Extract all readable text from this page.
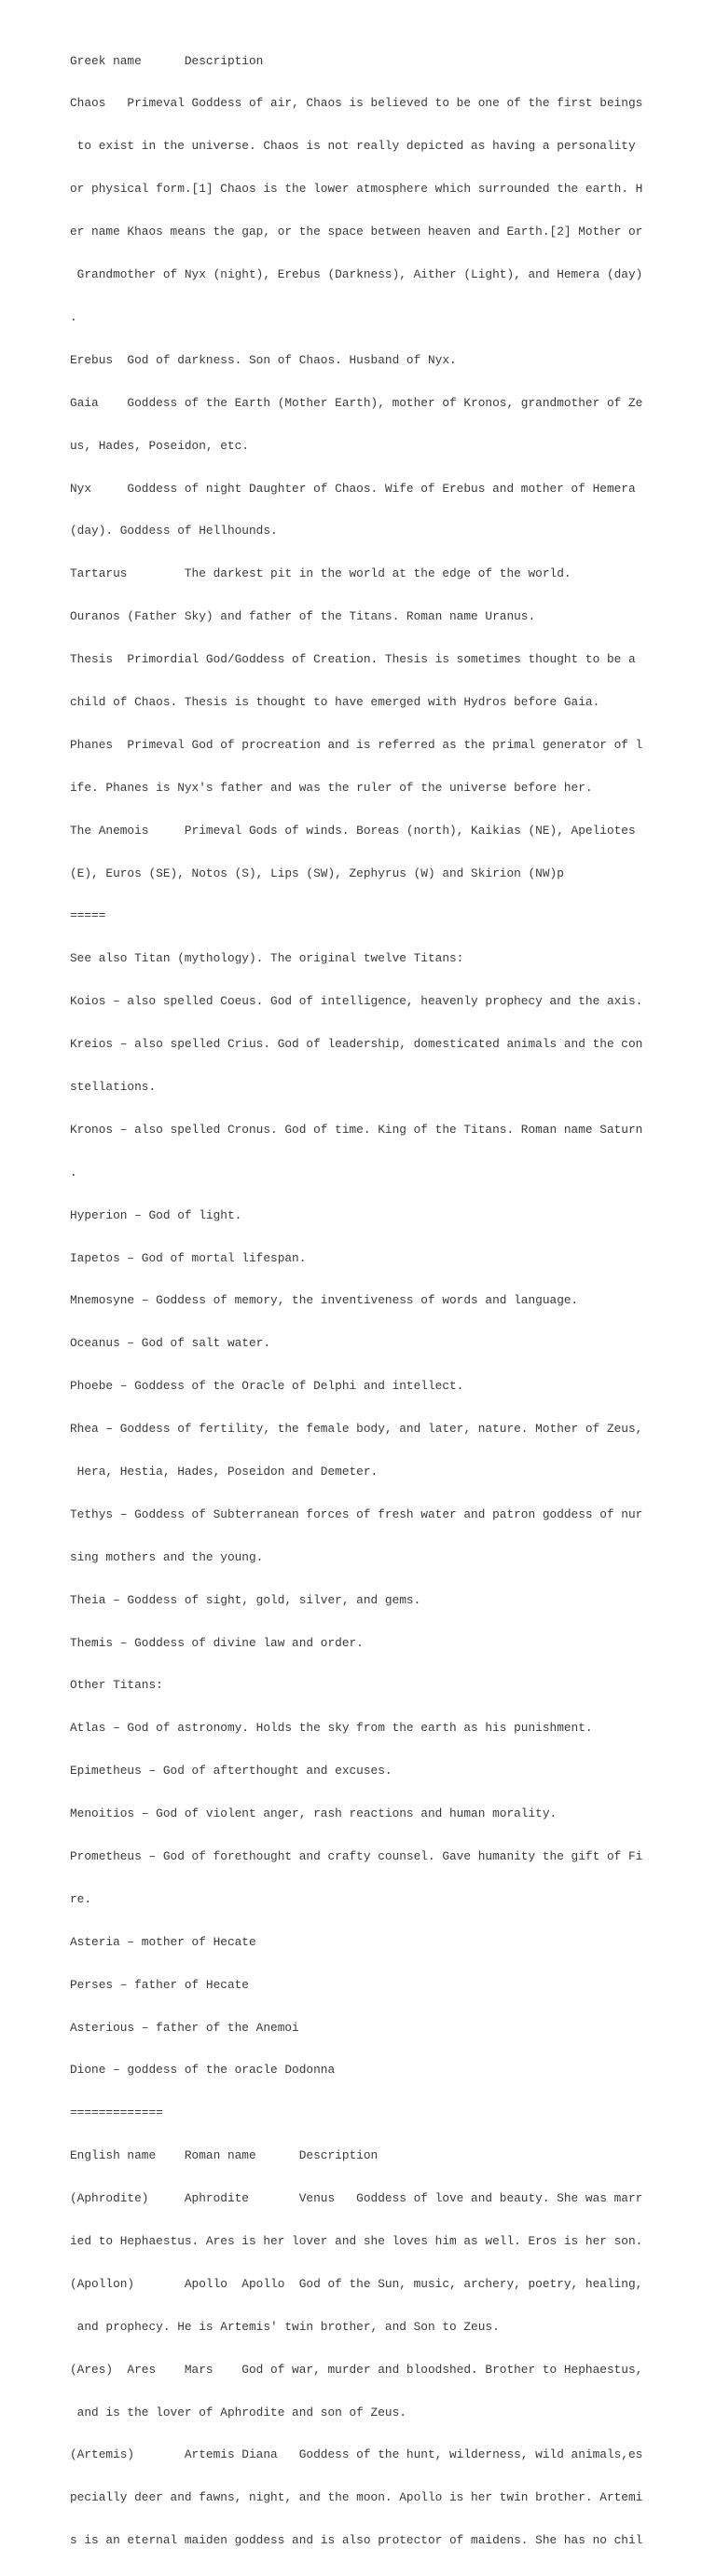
Greek name      Description

Chaos   Primeval Goddess of air, Chaos is believed to be one of the first beings

to exist in the universe. Chaos is not really depicted as having a personality

or physical form.[1] Chaos is the lower atmosphere which surrounded the earth. H

er name Khaos means the gap, or the space between heaven and Earth.[2] Mother or

Grandmother of Nyx (night), Erebus (Darkness), Aither (Light), and Hemera (day)

.

Erebus  God of darkness. Son of Chaos. Husband of Nyx.

Gaia    Goddess of the Earth (Mother Earth), mother of Kronos, grandmother of Ze

us, Hades, Poseidon, etc.

Nyx     Goddess of night Daughter of Chaos. Wife of Erebus and mother of Hemera

(day). Goddess of Hellhounds.

Tartarus        The darkest pit in the world at the edge of the world.

Ouranos (Father Sky) and father of the Titans. Roman name Uranus.

Thesis  Primordial God/Goddess of Creation. Thesis is sometimes thought to be a

child of Chaos. Thesis is thought to have emerged with Hydros before Gaia.

Phanes  Primeval God of procreation and is referred as the primal generator of l

ife. Phanes is Nyx's father and was the ruler of the universe before her.

The Anemois     Primeval Gods of winds. Boreas (north), Kaikias (NE), Apeliotes

(E), Euros (SE), Notos (S), Lips (SW), Zephyrus (W) and Skirion (NW)p

=====

See also Titan (mythology). The original twelve Titans:

Koios – also spelled Coeus. God of intelligence, heavenly prophecy and the axis.

Kreios – also spelled Crius. God of leadership, domesticated animals and the con

stellations.

Kronos – also spelled Cronus. God of time. King of the Titans. Roman name Saturn

.

Hyperion – God of light.

Iapetos – God of mortal lifespan.

Mnemosyne – Goddess of memory, the inventiveness of words and language.

Oceanus – God of salt water.

Phoebe – Goddess of the Oracle of Delphi and intellect.

Rhea – Goddess of fertility, the female body, and later, nature. Mother of Zeus,

Hera, Hestia, Hades, Poseidon and Demeter.

Tethys – Goddess of Subterranean forces of fresh water and patron goddess of nur

sing mothers and the young.

Theia – Goddess of sight, gold, silver, and gems.

Themis – Goddess of divine law and order.

Other Titans:

Atlas – God of astronomy. Holds the sky from the earth as his punishment.

Epimetheus – God of afterthought and excuses.

Menoitios – God of violent anger, rash reactions and human morality.

Prometheus – God of forethought and crafty counsel. Gave humanity the gift of Fi

re.

Asteria – mother of Hecate

Perses – father of Hecate

Asterious – father of the Anemoi

Dione – goddess of the oracle Dodonna

=============

English name    Roman name      Description

(Aphrodite)     Aphrodite       Venus   Goddess of love and beauty. She was marr

ied to Hephaestus. Ares is her lover and she loves him as well. Eros is her son.

(Apollon)       Apollo  Apollo  God of the Sun, music, archery, poetry, healing,

and prophecy. He is Artemis' twin brother, and Son to Zeus.

(Ares)  Ares    Mars    God of war, murder and bloodshed. Brother to Hephaestus,

and is the lover of Aphrodite and son of Zeus.

(Artemis)       Artemis Diana   Goddess of the hunt, wilderness, wild animals,es

pecially deer and fawns, night, and the moon. Apollo is her twin brother. Artemi

s is an eternal maiden goddess and is also protector of maidens. She has no chil
